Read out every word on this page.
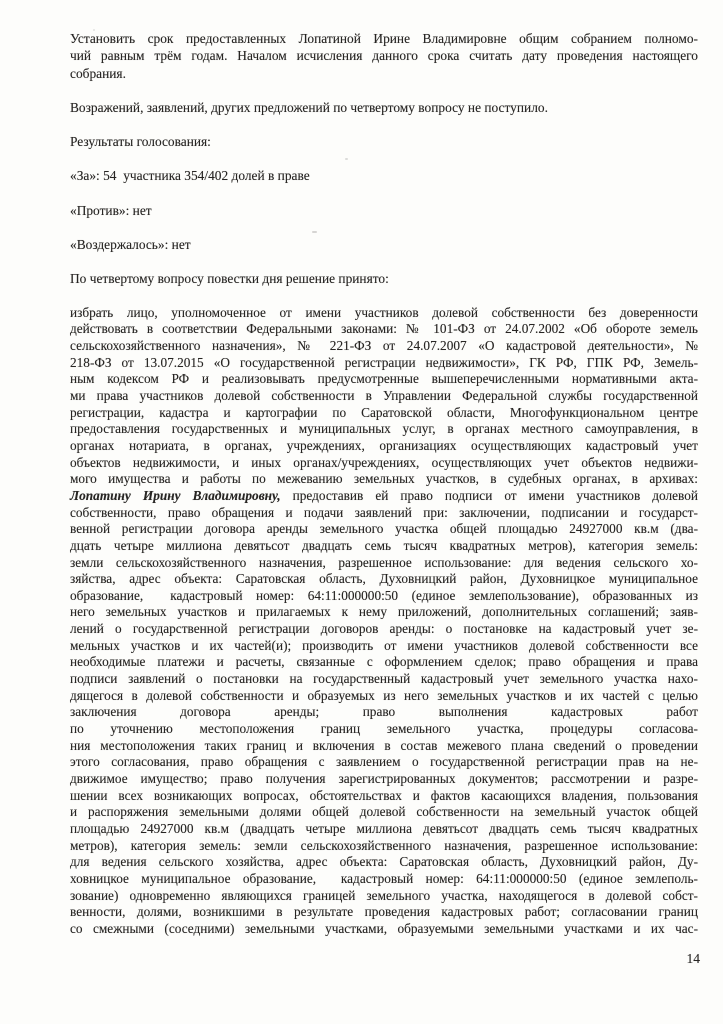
Установить срок предоставленных Лопатиной Ирине Владимировне общим собранием полномо-
чий равным трём годам. Началом исчисления данного срока считать дату проведения настоящего
собрания.
Возражений, заявлений, других предложений по четвертому вопросу не поступило.
Результаты голосования:
«За»: 54  участника 354/402 долей в праве
«Против»: нет
«Воздержалось»: нет
По четвертому вопросу повестки дня решение принято:
избрать лицо, уполномоченное от имени участников долевой собственности без доверенности
действовать в соответствии Федеральными законами: № 101-ФЗ от 24.07.2002 «Об обороте земель
сельскохозяйственного назначения», № 221-ФЗ от 24.07.2007 «О кадастровой деятельности», №
218-ФЗ от 13.07.2015 «О государственной регистрации недвижимости», ГК РФ, ГПК РФ, Земель-
ным кодексом РФ и реализовывать предусмотренные вышеперечисленными нормативными акта-
ми права участников долевой собственности в Управлении Федеральной службы государственной
регистрации, кадастра и картографии по Саратовской области, Многофункциональном центре
предоставления государственных и муниципальных услуг, в органах местного самоуправления, в
органах нотариата, в органах, учреждениях, организациях осуществляющих кадастровый учет
объектов недвижимости, и иных органах/учреждениях, осуществляющих учет объектов недвижи-
мого имущества и работы по межеванию земельных участков, в судебных органах, в архивах:
Лопатину Ирину Владимировну, предоставив ей право подписи от имени участников долевой
собственности, право обращения и подачи заявлений при: заключении, подписании и государст-
венной регистрации договора аренды земельного участка общей площадью 24927000 кв.м (два-
дцать четыре миллиона девятьсот двадцать семь тысяч квадратных метров), категория земель:
земли сельскохозяйственного назначения, разрешенное использование: для ведения сельского хо-
зяйства, адрес объекта: Саратовская область, Духовницкий район, Духовницкое муниципальное
образование,  кадастровый номер: 64:11:000000:50 (единое землепользование), образованных из
него земельных участков и прилагаемых к нему приложений, дополнительных соглашений; заяв-
лений о государственной регистрации договоров аренды: о постановке на кадастровый учет зе-
мельных участков и их частей(и); производить от имени участников долевой собственности все
необходимые платежи и расчеты, связанные с оформлением сделок; право обращения и права
подписи заявлений о постановки на государственный кадастровый учет земельного участка нахо-
дящегося в долевой собственности и образуемых из него земельных участков и их частей с целью
заключения договора аренды; право выполнения кадастровых работ
по уточнению местоположения границ земельного участка, процедуры согласова-
ния местоположения таких границ и включения в состав межевого плана сведений о проведении
этого согласования, право обращения с заявлением о государственной регистрации прав на не-
движимое имущество; право получения зарегистрированных документов; рассмотрении и разре-
шении всех возникающих вопросах, обстоятельствах и фактов касающихся владения, пользования
и распоряжения земельными долями общей долевой собственности на земельный участок общей
площадью 24927000 кв.м (двадцать четыре миллиона девятьсот двадцать семь тысяч квадратных
метров), категория земель: земли сельскохозяйственного назначения, разрешенное использование:
для ведения сельского хозяйства, адрес объекта: Саратовская область, Духовницкий район, Ду-
ховницкое муниципальное образование,  кадастровый номер: 64:11:000000:50 (единое землеполь-
зование) одновременно являющихся границей земельного участка, находящегося в долевой собст-
венности, долями, возникшими в результате проведения кадастровых работ; согласовании границ
со смежными (соседними) земельными участками, образуемыми земельными участками и их час-
14
